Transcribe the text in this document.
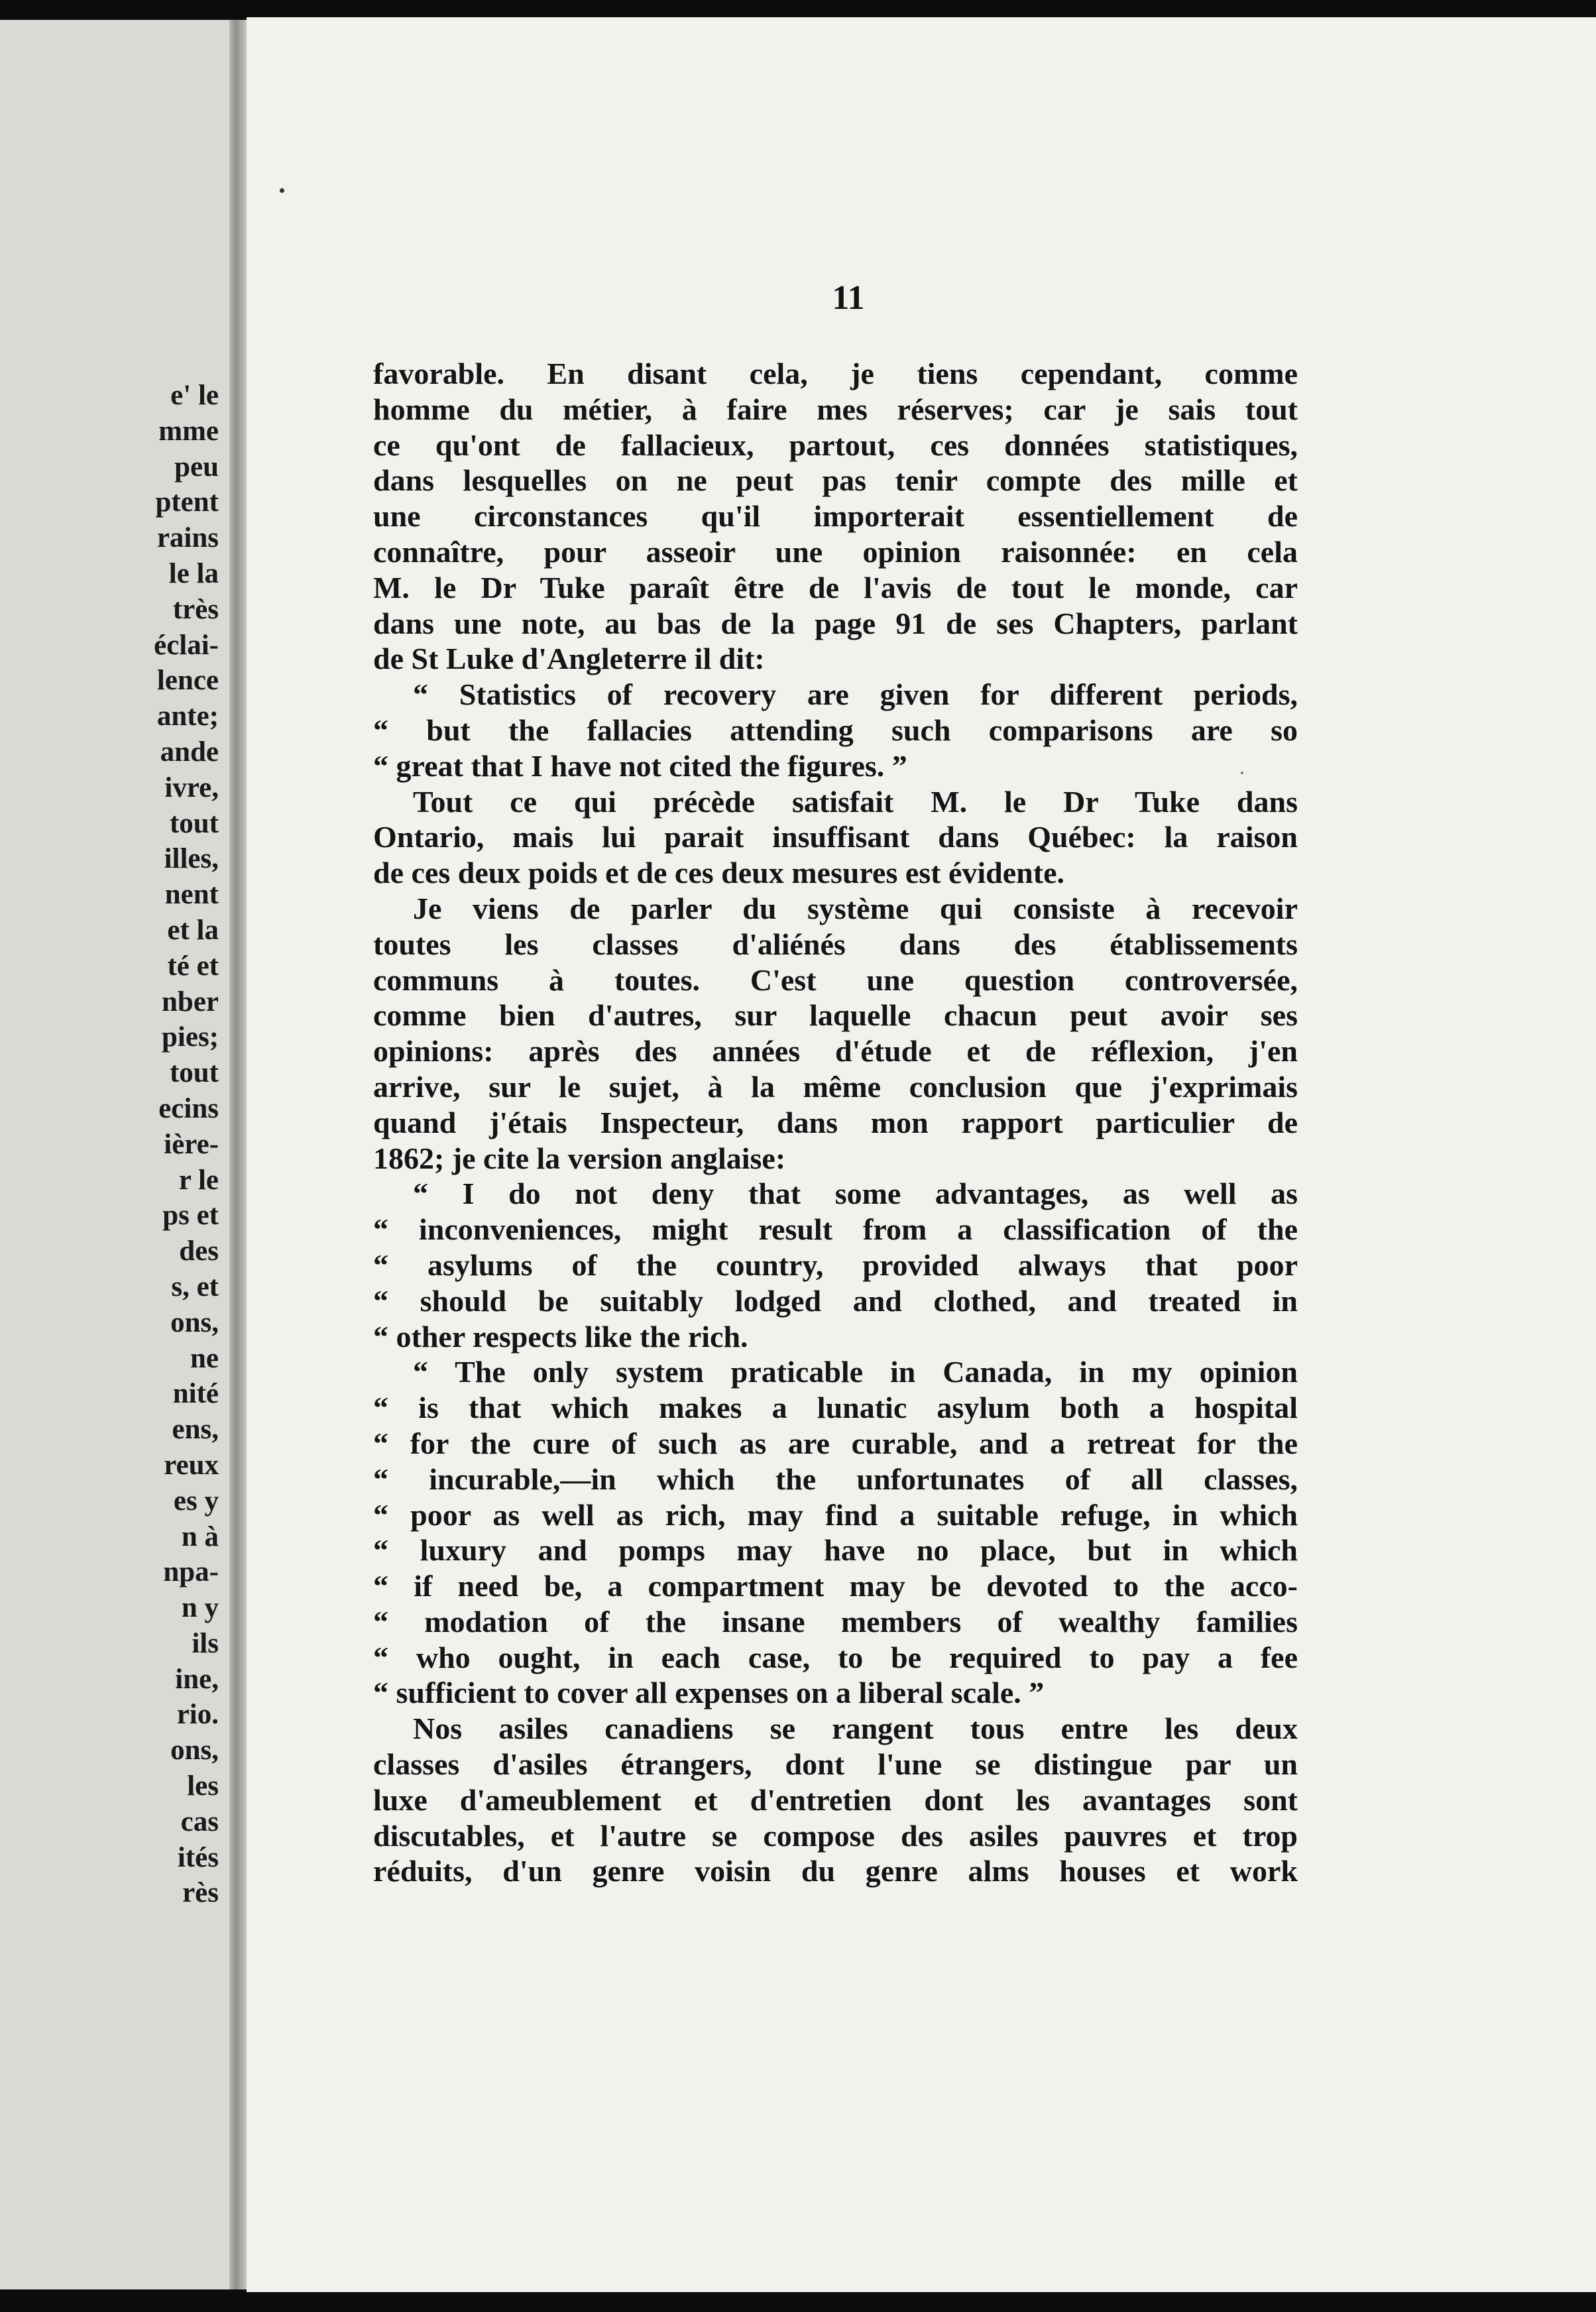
e' le
mme
peu
ptent
rains
le la
très
éclai-
lence
ante;
ande
ivre,
tout
illes,
nent
et la
té et
nber
pies;
tout
ecins
ière-
r le
ps et
des
s, et
ons,
ne
nité
ens,
reux
es y
n à
npa-
n y
ils
ine,
rio.
ons,
les
cas
ités
rès
11
favorable. En disant cela, je tiens cependant, comme
homme du métier, à faire mes réserves; car je sais tout
ce qu'ont de fallacieux, partout, ces données statistiques,
dans lesquelles on ne peut pas tenir compte des mille et
une circonstances qu'il importerait essentiellement de
connaître, pour asseoir une opinion raisonnée: en cela
M. le Dr Tuke paraît être de l'avis de tout le monde, car
dans une note, au bas de la page 91 de ses Chapters, parlant
de St Luke d'Angleterre il dit:
“ Statistics of recovery are given for different periods,
“ but the fallacies attending such comparisons are so
“ great that I have not cited the figures. ”
Tout ce qui précède satisfait M. le Dr Tuke dans
Ontario, mais lui parait insuffisant dans Québec: la raison
de ces deux poids et de ces deux mesures est évidente.
Je viens de parler du système qui consiste à recevoir
toutes les classes d'aliénés dans des établissements
communs à toutes. C'est une question controversée,
comme bien d'autres, sur laquelle chacun peut avoir ses
opinions: après des années d'étude et de réflexion, j'en
arrive, sur le sujet, à la même conclusion que j'exprimais
quand j'étais Inspecteur, dans mon rapport particulier de
1862; je cite la version anglaise:
“ I do not deny that some advantages, as well as
“ inconveniences, might result from a classification of the
“ asylums of the country, provided always that poor
“ should be suitably lodged and clothed, and treated in
“ other respects like the rich.
“ The only system praticable in Canada, in my opinion
“ is that which makes a lunatic asylum both a hospital
“ for the cure of such as are curable, and a retreat for the
“ incurable,—in which the unfortunates of all classes,
“ poor as well as rich, may find a suitable refuge, in which
“ luxury and pomps may have no place, but in which
“ if need be, a compartment may be devoted to the acco-
“ modation of the insane members of wealthy families
“ who ought, in each case, to be required to pay a fee
“ sufficient to cover all expenses on a liberal scale. ”
Nos asiles canadiens se rangent tous entre les deux
classes d'asiles étrangers, dont l'une se distingue par un
luxe d'ameublement et d'entretien dont les avantages sont
discutables, et l'autre se compose des asiles pauvres et trop
réduits, d'un genre voisin du genre alms houses et work
